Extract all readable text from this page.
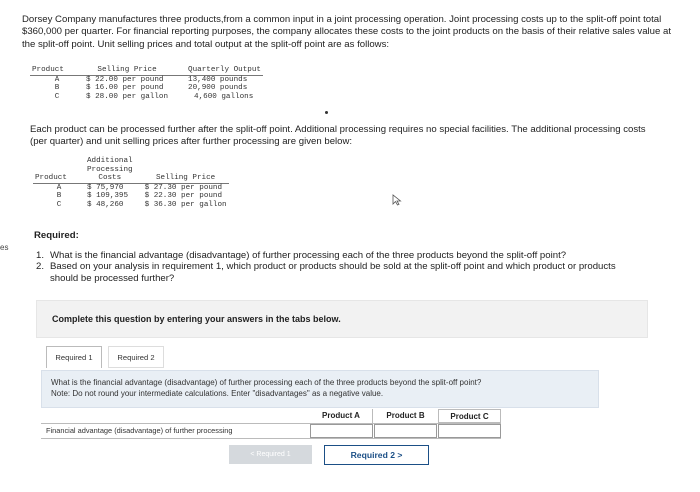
Dorsey Company manufactures three products,from a common input in a joint processing operation. Joint processing costs up to the split-off point total $360,000 per quarter. For financial reporting purposes, the company allocates these costs to the joint products on the basis of their relative sales value at the split-off point. Unit selling prices and total output at the split-off point are as follows:
Product	Selling Price	Quarterly Output
A	$ 22.00 per pound	13,400 pounds
B	$ 16.00 per pound	20,900 pounds
C	$ 28.00 per gallon	4,600 gallons
Each product can be processed further after the split-off point. Additional processing requires no special facilities. The additional processing costs (per quarter) and unit selling prices after further processing are given below:
	Additional	
	Processing	
Product	Costs	Selling Price
A	$ 75,970	$ 27.30 per pound
B	$ 109,395	$ 22.30 per pound
C	$ 48,260	$ 36.30 per gallon
es
Required:
1. What is the financial advantage (disadvantage) of further processing each of the three products beyond the split-off point?
2. Based on your analysis in requirement 1, which product or products should be sold at the split-off point and which product or products should be processed further?
Complete this question by entering your answers in the tabs below.
Required 1	Required 2
What is the financial advantage (disadvantage) of further processing each of the three products beyond the split-off point?
Note: Do not round your intermediate calculations. Enter "disadvantages" as a negative value.
Product A	Product B	Product C
Financial advantage (disadvantage) of further processing
< Required 1	Required 2 >
